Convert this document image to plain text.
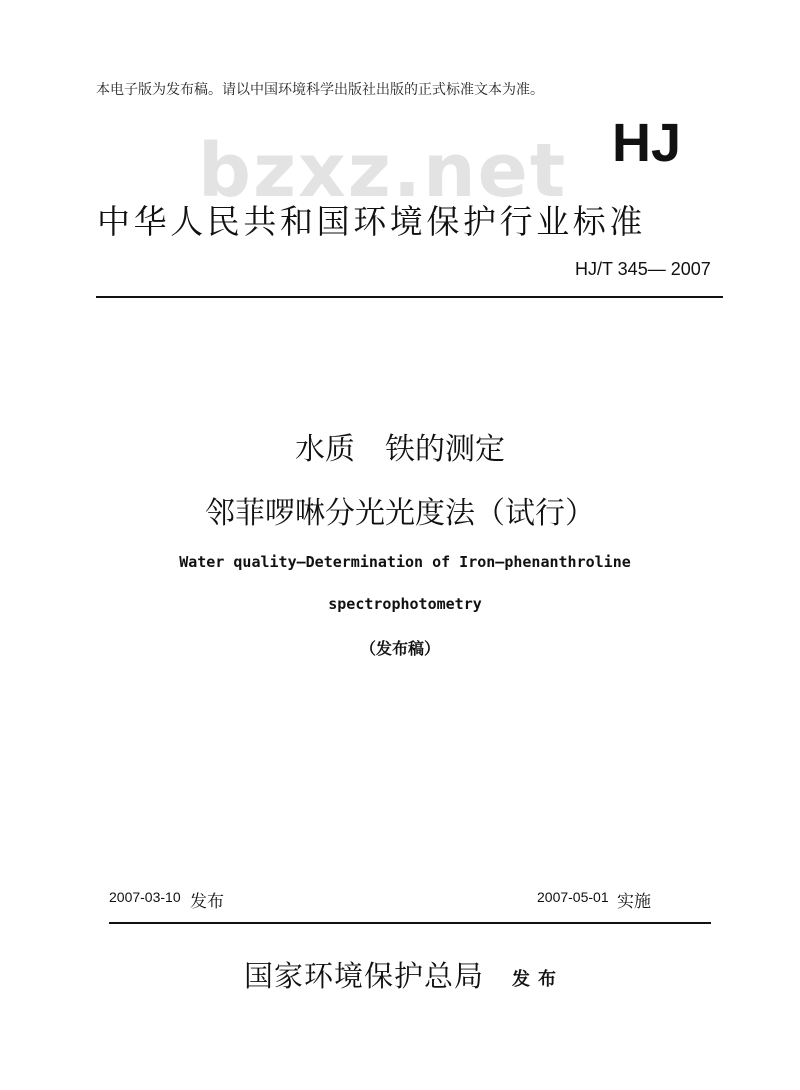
本电子版为发布稿。请以中国环境科学出版社出版的正式标准文本为准。
bzxz.net HJ
中华人民共和国环境保护行业标准
HJ/T 345— 2007
水质　铁的测定
邻菲啰啉分光光度法（试行）
Water quality—Determination of Iron—phenanthroline
spectrophotometry
（发布稿）
2007-03-10 发布	2007-05-01 实施
国家环境保护总局 发布
